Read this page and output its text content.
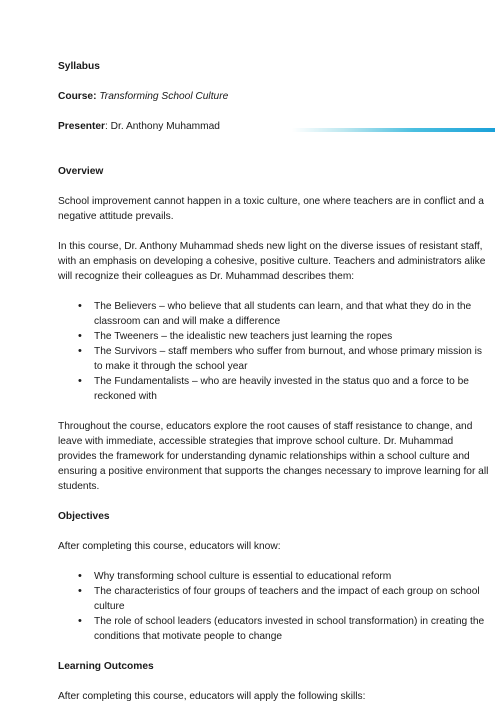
Syllabus
Course: Transforming School Culture
Presenter: Dr. Anthony Muhammad
Overview

School improvement cannot happen in a toxic culture, one where teachers are in conflict and a
negative attitude prevails.

In this course, Dr. Anthony Muhammad sheds new light on the diverse issues of resistant staff,
with an emphasis on developing a cohesive, positive culture. Teachers and administrators alike
will recognize their colleagues as Dr. Muhammad describes them:

• The Believers – who believe that all students can learn, and that what they do in the
classroom can and will make a difference
• The Tweeners – the idealistic new teachers just learning the ropes
• The Survivors – staff members who suffer from burnout, and whose primary mission is
to make it through the school year
• The Fundamentalists – who are heavily invested in the status quo and a force to be
reckoned with

Throughout the course, educators explore the root causes of staff resistance to change, and
leave with immediate, accessible strategies that improve school culture. Dr. Muhammad
provides the framework for understanding dynamic relationships within a school culture and
ensuring a positive environment that supports the changes necessary to improve learning for all
students.

Objectives
After completing this course, educators will know:
• Why transforming school culture is essential to educational reform
• The characteristics of four groups of teachers and the impact of each group on school
culture
• The role of school leaders (educators invested in school transformation) in creating the
conditions that motivate people to change
Learning Outcomes
After completing this course, educators will apply the following skills:
